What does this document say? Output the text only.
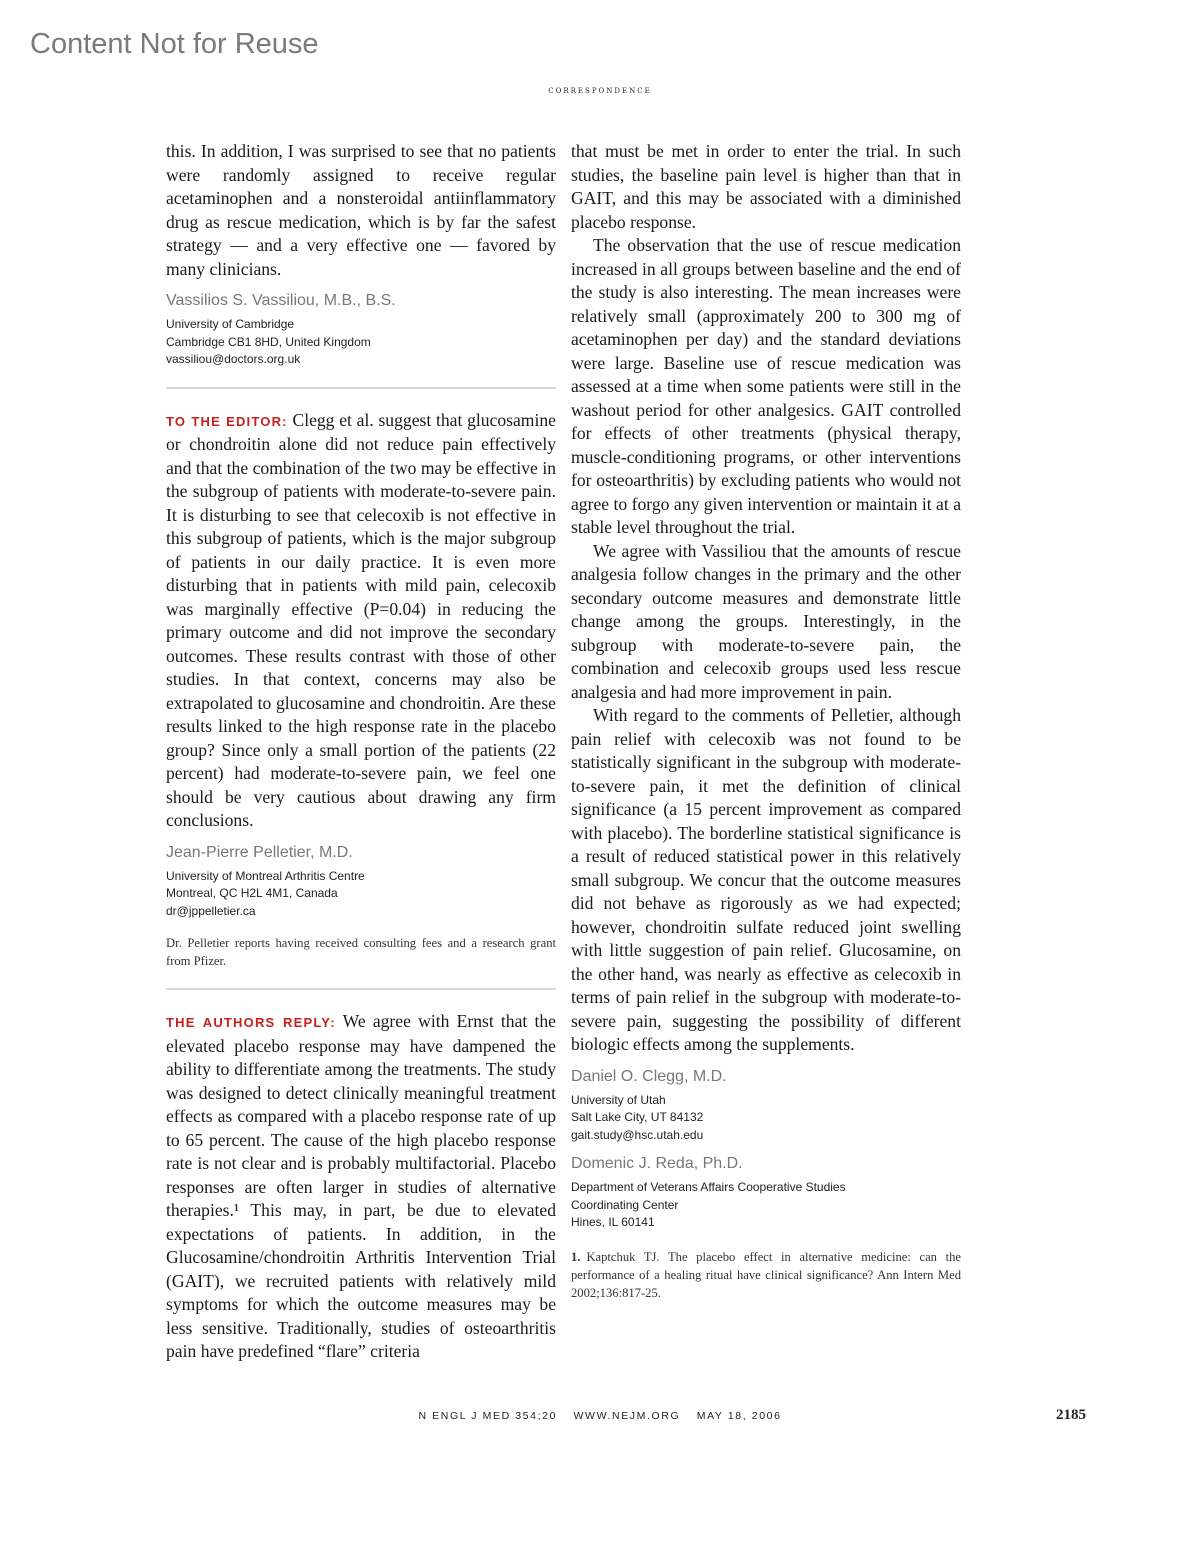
Content Not for Reuse
correspondence

this. In addition, I was surprised to see that no patients were randomly assigned to receive regular acetaminophen and a nonsteroidal antiinflammatory drug as rescue medication, which is by far the safest strategy — and a very effective one — favored by many clinicians.

Vassilios S. Vassiliou, M.B., B.S.
University of Cambridge
Cambridge CB1 8HD, United Kingdom
vassiliou@doctors.org.uk

TO THE EDITOR: Clegg et al. suggest that glucosamine or chondroitin alone did not reduce pain effectively and that the combination of the two may be effective in the subgroup of patients with moderate-to-severe pain. It is disturbing to see that celecoxib is not effective in this subgroup of patients, which is the major subgroup of patients in our daily practice. It is even more disturbing that in patients with mild pain, celecoxib was marginally effective (P=0.04) in reducing the primary outcome and did not improve the secondary outcomes. These results contrast with those of other studies. In that context, concerns may also be extrapolated to glucosamine and chondroitin. Are these results linked to the high response rate in the placebo group? Since only a small portion of the patients (22 percent) had moderate-to-severe pain, we feel one should be very cautious about drawing any firm conclusions.

Jean-Pierre Pelletier, M.D.
University of Montreal Arthritis Centre
Montreal, QC H2L 4M1, Canada
dr@jppelletier.ca
Dr. Pelletier reports having received consulting fees and a research grant from Pfizer.

THE AUTHORS REPLY: We agree with Ernst that the elevated placebo response may have dampened the ability to differentiate among the treatments. The study was designed to detect clinically meaningful treatment effects as compared with a placebo response rate of up to 65 percent. The cause of the high placebo response rate is not clear and is probably multifactorial. Placebo responses are often larger in studies of alternative therapies.¹ This may, in part, be due to elevated expectations of patients. In addition, in the Glucosamine/chondroitin Arthritis Intervention Trial (GAIT), we recruited patients with relatively mild symptoms for which the outcome measures may be less sensitive. Traditionally, studies of osteoarthritis pain have predefined “flare” criteria

that must be met in order to enter the trial. In such studies, the baseline pain level is higher than that in GAIT, and this may be associated with a diminished placebo response.

The observation that the use of rescue medication increased in all groups between baseline and the end of the study is also interesting. The mean increases were relatively small (approximately 200 to 300 mg of acetaminophen per day) and the standard deviations were large. Baseline use of rescue medication was assessed at a time when some patients were still in the washout period for other analgesics. GAIT controlled for effects of other treatments (physical therapy, muscle-conditioning programs, or other interventions for osteoarthritis) by excluding patients who would not agree to forgo any given intervention or maintain it at a stable level throughout the trial.

We agree with Vassiliou that the amounts of rescue analgesia follow changes in the primary and the other secondary outcome measures and demonstrate little change among the groups. Interestingly, in the subgroup with moderate-to-severe pain, the combination and celecoxib groups used less rescue analgesia and had more improvement in pain.

With regard to the comments of Pelletier, although pain relief with celecoxib was not found to be statistically significant in the subgroup with moderate-to-severe pain, it met the definition of clinical significance (a 15 percent improvement as compared with placebo). The borderline statistical significance is a result of reduced statistical power in this relatively small subgroup. We concur that the outcome measures did not behave as rigorously as we had expected; however, chondroitin sulfate reduced joint swelling with little suggestion of pain relief. Glucosamine, on the other hand, was nearly as effective as celecoxib in terms of pain relief in the subgroup with moderate-to-severe pain, suggesting the possibility of different biologic effects among the supplements.

Daniel O. Clegg, M.D.
University of Utah
Salt Lake City, UT 84132
gait.study@hsc.utah.edu
Domenic J. Reda, Ph.D.
Department of Veterans Affairs Cooperative Studies
Coordinating Center
Hines, IL 60141
1. Kaptchuk TJ. The placebo effect in alternative medicine: can the performance of a healing ritual have clinical significance? Ann Intern Med 2002;136:817-25.
N ENGL J MED 354;20 WWW.NEJM.ORG MAY 18, 2006	2185
